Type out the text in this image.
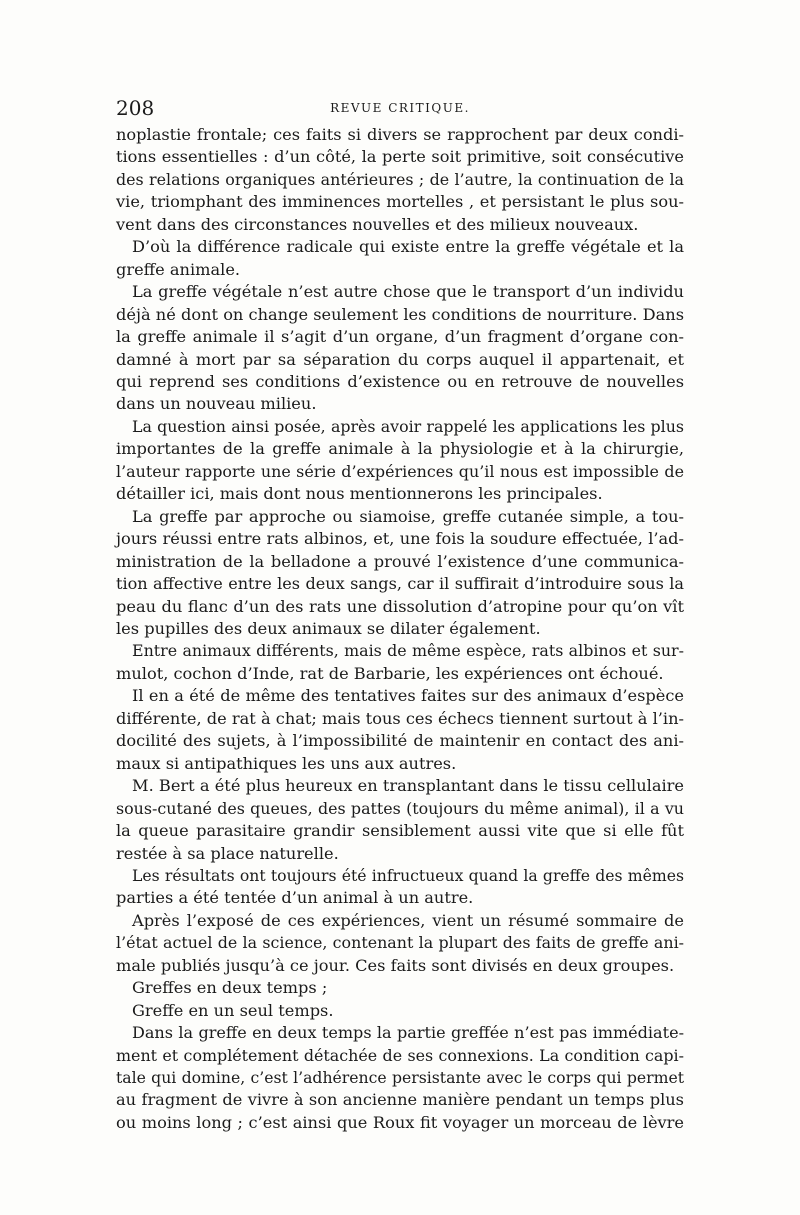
208	REVUE CRITIQUE.
noplastie frontale; ces faits si divers se rapprochent par deux condi-
tions essentielles : d’un côté, la perte soit primitive, soit consécutive
des relations organiques antérieures ; de l’autre, la continuation de la
vie, triomphant des imminences mortelles , et persistant le plus sou-
vent dans des circonstances nouvelles et des milieux nouveaux.
D’où la différence radicale qui existe entre la greffe végétale et la
greffe animale.
La greffe végétale n’est autre chose que le transport d’un individu
déjà né dont on change seulement les conditions de nourriture. Dans
la greffe animale il s’agit d’un organe, d’un fragment d’organe con-
damné à mort par sa séparation du corps auquel il appartenait, et
qui reprend ses conditions d’existence ou en retrouve de nouvelles
dans un nouveau milieu.
La question ainsi posée, après avoir rappelé les applications les plus
importantes de la greffe animale à la physiologie et à la chirurgie,
l’auteur rapporte une série d’expériences qu’il nous est impossible de
détailler ici, mais dont nous mentionnerons les principales.
La greffe par approche ou siamoise, greffe cutanée simple, a tou-
jours réussi entre rats albinos, et, une fois la soudure effectuée, l’ad-
ministration de la belladone a prouvé l’existence d’une communica-
tion affective entre les deux sangs, car il suffirait d’introduire sous la
peau du flanc d’un des rats une dissolution d’atropine pour qu’on vît
les pupilles des deux animaux se dilater également.
Entre animaux différents, mais de même espèce, rats albinos et sur-
mulot, cochon d’Inde, rat de Barbarie, les expériences ont échoué.
Il en a été de même des tentatives faites sur des animaux d’espèce
différente, de rat à chat; mais tous ces échecs tiennent surtout à l’in-
docilité des sujets, à l’impossibilité de maintenir en contact des ani-
maux si antipathiques les uns aux autres.
M. Bert a été plus heureux en transplantant dans le tissu cellulaire
sous-cutané des queues, des pattes (toujours du même animal), il a vu
la queue parasitaire grandir sensiblement aussi vite que si elle fût
restée à sa place naturelle.
Les résultats ont toujours été infructueux quand la greffe des mêmes
parties a été tentée d’un animal à un autre.
Après l’exposé de ces expériences, vient un résumé sommaire de
l’état actuel de la science, contenant la plupart des faits de greffe ani-
male publiés jusqu’à ce jour. Ces faits sont divisés en deux groupes.
Greffes en deux temps ;
Greffe en un seul temps.
Dans la greffe en deux temps la partie greffée n’est pas immédiate-
ment et complétement détachée de ses connexions. La condition capi-
tale qui domine, c’est l’adhérence persistante avec le corps qui permet
au fragment de vivre à son ancienne manière pendant un temps plus
ou moins long ; c’est ainsi que Roux fit voyager un morceau de lèvre
